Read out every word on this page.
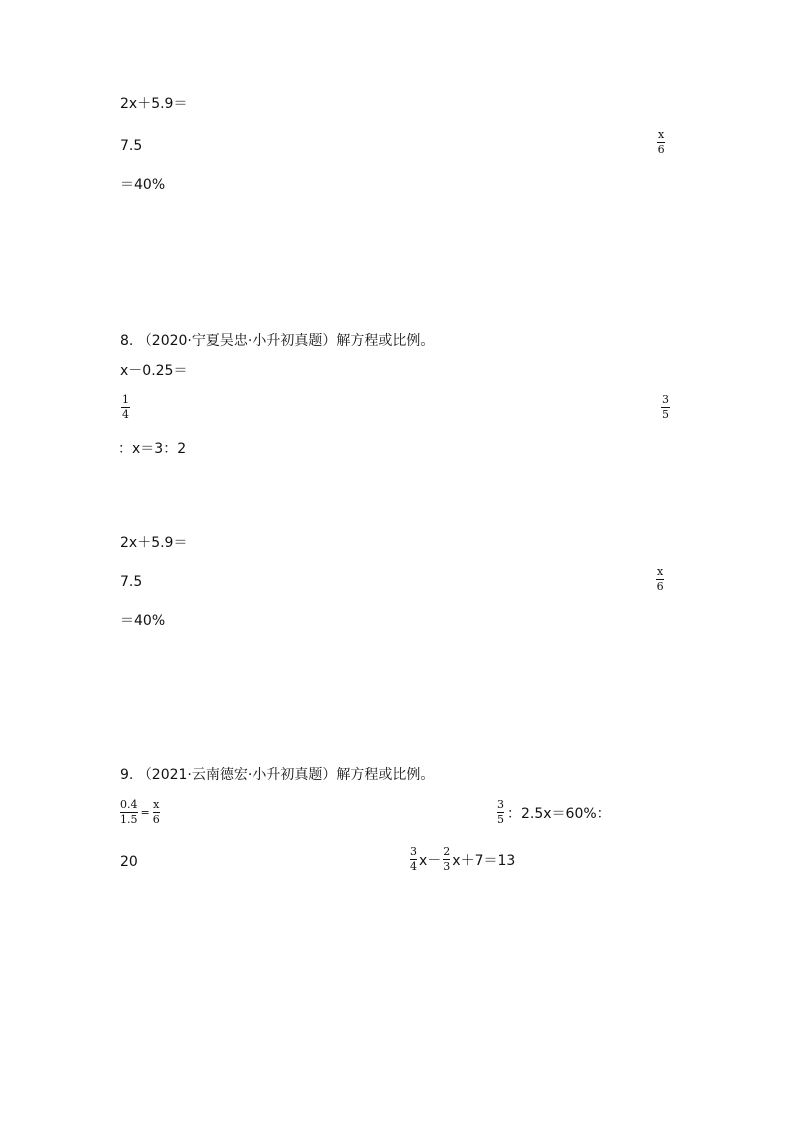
2x＋5.9＝
7.5
x
6
＝40%
8. （2020·宁夏吴忠·小升初真题）解方程或比例。
x－0.25＝
1
4
3
5
：x＝3：2
2x＋5.9＝
7.5
x
6
＝40%
9. （2021·云南德宏·小升初真题）解方程或比例。
$\frac{0.4}{1.5} = \frac{x}{6}$	$\frac{3}{5}$ ：2.5x＝60%：
20	$\frac{3}{4} x- \frac{2}{3} x+7=13$
